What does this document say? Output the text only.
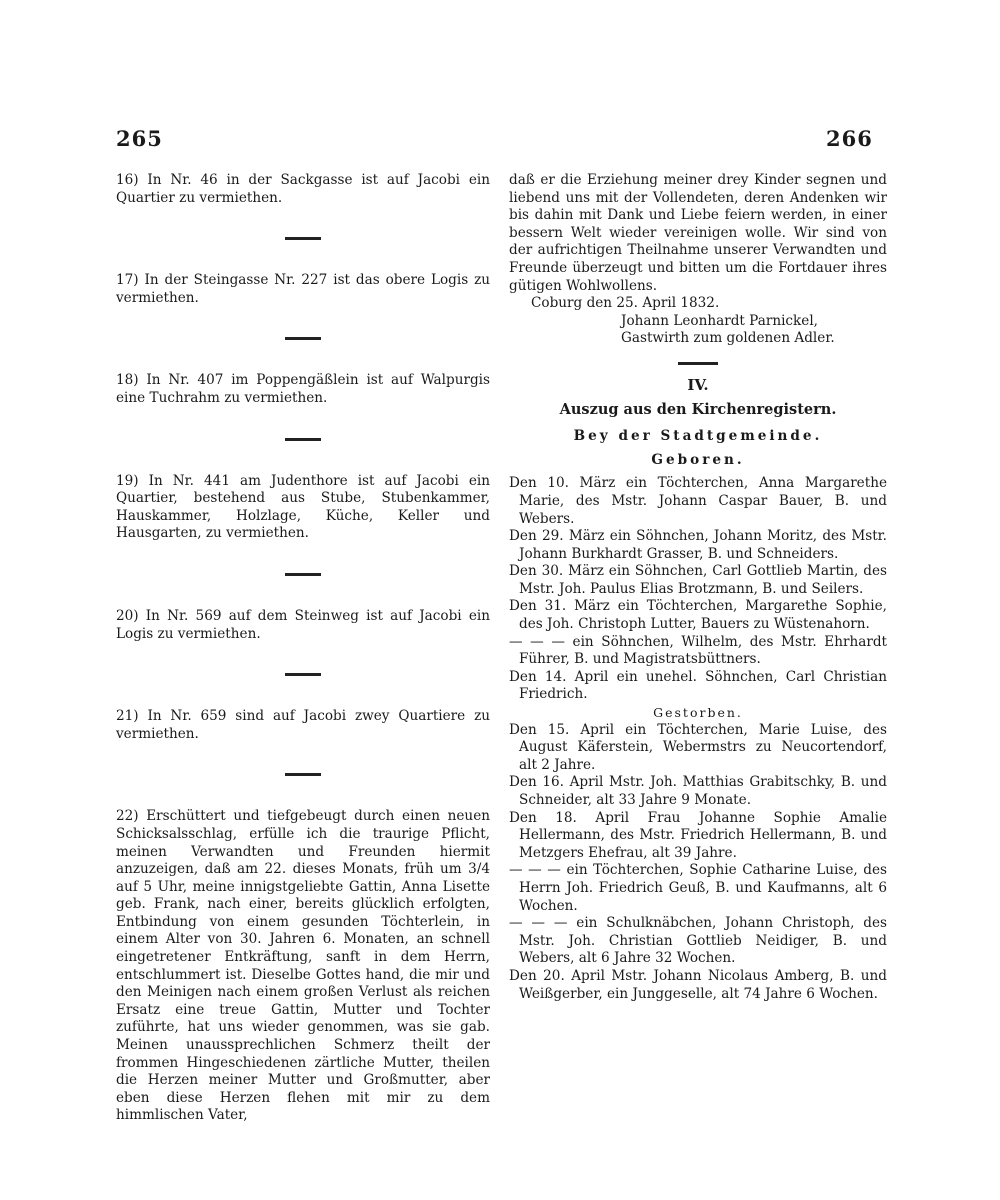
265	266

16) In Nr. 46 in der Sackgasse ist auf Jacobi ein Quartier zu vermiethen.

17) In der Steingasse Nr. 227 ist das obere Logis zu vermiethen.

18) In Nr. 407 im Poppengäßlein ist auf Walpurgis eine Tuchrahm zu vermiethen.

19) In Nr. 441 am Judenthore ist auf Jacobi ein Quartier, bestehend aus Stube, Stubenkammer, Hauskammer, Holzlage, Küche, Keller und Hausgarten, zu vermiethen.

20) In Nr. 569 auf dem Steinweg ist auf Jacobi ein Logis zu vermiethen.

21) In Nr. 659 sind auf Jacobi zwey Quartiere zu vermiethen.

22) Erschüttert und tiefgebeugt durch einen neuen Schicksalsschlag, erfülle ich die traurige Pflicht, meinen Verwandten und Freunden hiermit anzuzeigen, daß am 22. dieses Monats, früh um 3/4 auf 5 Uhr, meine innigstgeliebte Gattin, Anna Lisette geb. Frank, nach einer, bereits glücklich erfolgten, Entbindung von einem gesunden Töchterlein, in einem Alter von 30. Jahren 6. Monaten, an schnell eingetretener Entkräftung, sanft in dem Herrn, entschlummert ist. Dieselbe Gottes hand, die mir und den Meinigen nach einem großen Verlust als reichen Ersatz eine treue Gattin, Mutter und Tochter zuführte, hat uns wieder genommen, was sie gab. Meinen unaussprechlichen Schmerz theilt der frommen Hingeschiedenen zärtliche Mutter, theilen die Herzen meiner Mutter und Großmutter, aber eben diese Herzen flehen mit mir zu dem himmlischen Vater,

daß er die Erziehung meiner drey Kinder segnen und liebend uns mit der Vollendeten, deren Andenken wir bis dahin mit Dank und Liebe feiern werden, in einer bessern Welt wieder vereinigen wolle. Wir sind von der aufrichtigen Theilnahme unserer Verwandten und Freunde überzeugt und bitten um die Fortdauer ihres gütigen Wohlwollens.

Coburg den 25. April 1832.

Johann Leonhardt Parnickel,

Gastwirth zum goldenen Adler.

IV.

Auszug aus den Kirchenregistern.

Bey der Stadtgemeinde.

Geboren.

Den 10. März ein Töchterchen, Anna Margarethe Marie, des Mstr. Johann Caspar Bauer, B. und Webers.

Den 29. März ein Söhnchen, Johann Moritz, des Mstr. Johann Burkhardt Grasser, B. und Schneiders.

Den 30. März ein Söhnchen, Carl Gottlieb Martin, des Mstr. Joh. Paulus Elias Brotzmann, B. und Seilers.

Den 31. März ein Töchterchen, Margarethe Sophie, des Joh. Christoph Lutter, Bauers zu Wüstenahorn.

— — — ein Söhnchen, Wilhelm, des Mstr. Ehrhardt Führer, B. und Magistratsbüttners.

Den 14. April ein unehel. Söhnchen, Carl Christian Friedrich.

Gestorben.

Den 15. April ein Töchterchen, Marie Luise, des August Käferstein, Webermstrs zu Neucortendorf, alt 2 Jahre.

Den 16. April Mstr. Joh. Matthias Grabitschky, B. und Schneider, alt 33 Jahre 9 Monate.

Den 18. April Frau Johanne Sophie Amalie Hellermann, des Mstr. Friedrich Hellermann, B. und Metzgers Ehefrau, alt 39 Jahre.

— — — ein Töchterchen, Sophie Catharine Luise, des Herrn Joh. Friedrich Geuß, B. und Kaufmanns, alt 6 Wochen.

— — — ein Schulknäbchen, Johann Christoph, des Mstr. Joh. Christian Gottlieb Neidiger, B. und Webers, alt 6 Jahre 32 Wochen.

Den 20. April Mstr. Johann Nicolaus Amberg, B. und Weißgerber, ein Junggeselle, alt 74 Jahre 6 Wochen.
